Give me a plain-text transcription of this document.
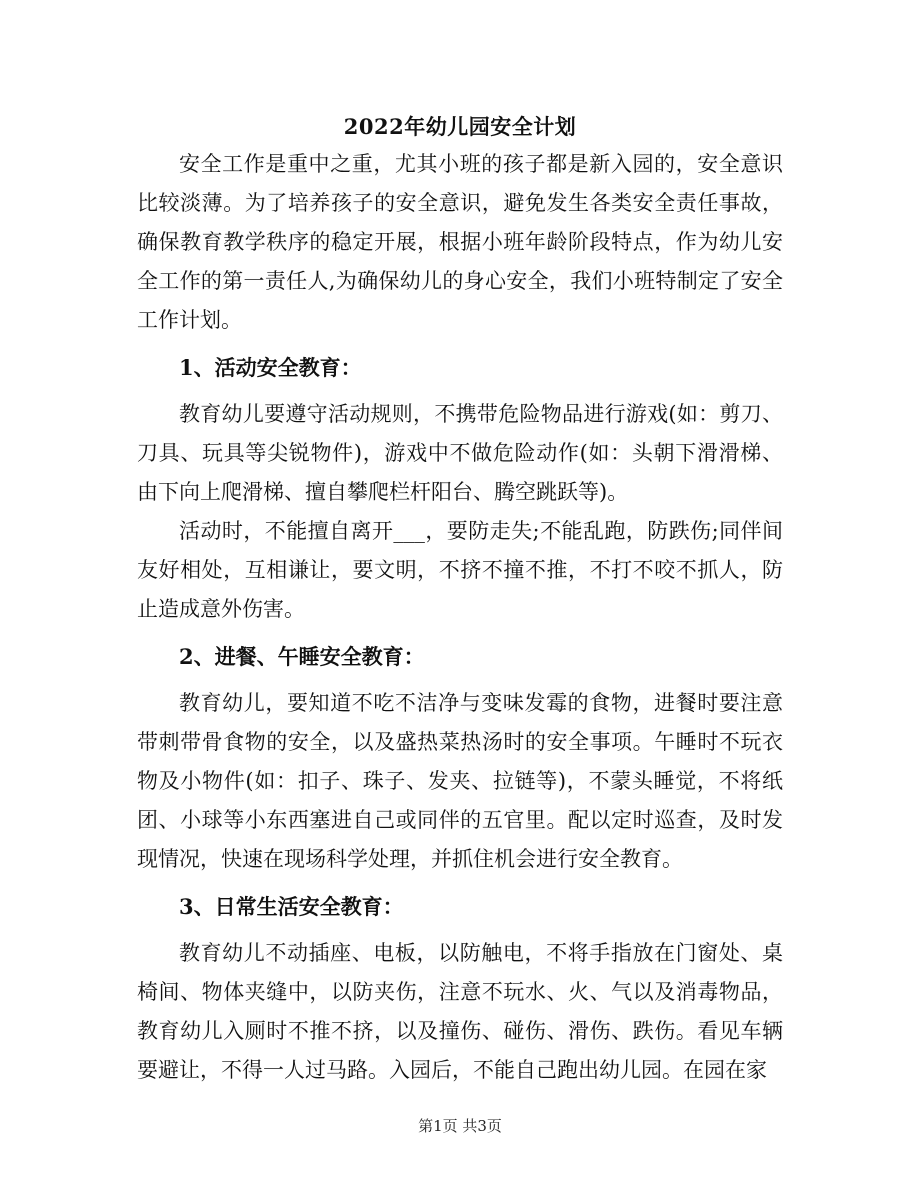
2022年幼儿园安全计划

安全工作是重中之重，尤其小班的孩子都是新入园的，安全意识比较淡薄。为了培养孩子的安全意识，避免发生各类安全责任事故，确保教育教学秩序的稳定开展，根据小班年龄阶段特点，作为幼儿安全工作的第一责任人,为确保幼儿的身心安全，我们小班特制定了安全工作计划。

1、活动安全教育：

教育幼儿要遵守活动规则，不携带危险物品进行游戏(如：剪刀、刀具、玩具等尖锐物件)，游戏中不做危险动作(如：头朝下滑滑梯、由下向上爬滑梯、擅自攀爬栏杆阳台、腾空跳跃等)。

活动时，不能擅自离开___，要防走失;不能乱跑，防跌伤;同伴间友好相处，互相谦让，要文明，不挤不撞不推，不打不咬不抓人，防止造成意外伤害。

2、进餐、午睡安全教育：

教育幼儿，要知道不吃不洁净与变味发霉的食物，进餐时要注意带刺带骨食物的安全，以及盛热菜热汤时的安全事项。午睡时不玩衣物及小物件(如：扣子、珠子、发夹、拉链等)，不蒙头睡觉，不将纸团、小球等小东西塞进自己或同伴的五官里。配以定时巡查，及时发现情况，快速在现场科学处理，并抓住机会进行安全教育。

3、日常生活安全教育：

教育幼儿不动插座、电板，以防触电，不将手指放在门窗处、桌椅间、物体夹缝中，以防夹伤，注意不玩水、火、气以及消毒物品，教育幼儿入厕时不推不挤，以及撞伤、碰伤、滑伤、跌伤。看见车辆要避让，不得一人过马路。入园后，不能自己跑出幼儿园。在园在家

第1页 共3页
